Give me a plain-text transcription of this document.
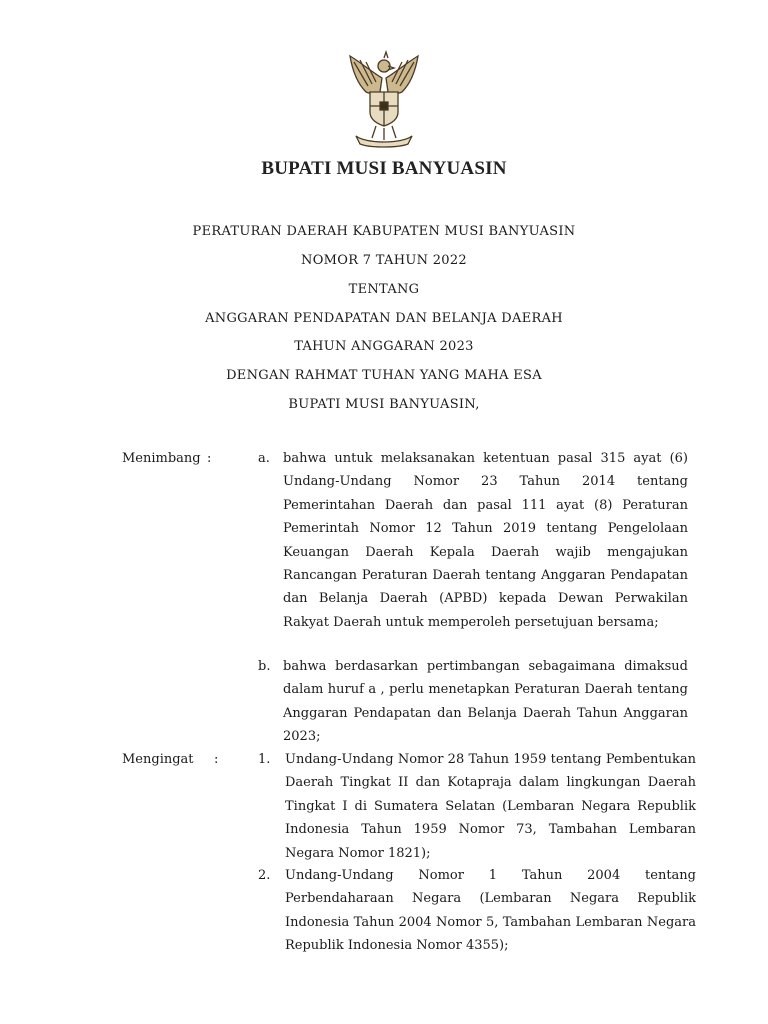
BUPATI MUSI BANYUASIN
PERATURAN DAERAH KABUPATEN MUSI BANYUASIN
NOMOR 7 TAHUN 2022
TENTANG
ANGGARAN PENDAPATAN DAN BELANJA DAERAH
TAHUN ANGGARAN 2023
DENGAN RAHMAT TUHAN YANG MAHA ESA
BUPATI MUSI BANYUASIN,
Menimbang :	a. bahwa untuk melaksanakan ketentuan pasal 315 ayat (6) Undang-Undang Nomor 23 Tahun 2014 tentang Pemerintahan Daerah dan pasal 111 ayat (8) Peraturan Pemerintah Nomor 12 Tahun 2019 tentang Pengelolaan Keuangan Daerah Kepala Daerah wajib mengajukan Rancangan Peraturan Daerah tentang Anggaran Pendapatan dan Belanja Daerah (APBD) kepada Dewan Perwakilan Rakyat Daerah untuk memperoleh persetujuan bersama;
b. bahwa berdasarkan pertimbangan sebagaimana dimaksud dalam huruf a , perlu menetapkan Peraturan Daerah tentang Anggaran Pendapatan dan Belanja Daerah Tahun Anggaran 2023;
Mengingat :	1. Undang-Undang Nomor 28 Tahun 1959 tentang Pembentukan Daerah Tingkat II dan Kotapraja dalam lingkungan Daerah Tingkat I di Sumatera Selatan (Lembaran Negara Republik Indonesia Tahun 1959 Nomor 73, Tambahan Lembaran Negara Nomor 1821);
2. Undang-Undang Nomor 1 Tahun 2004 tentang Perbendaharaan Negara (Lembaran Negara Republik Indonesia Tahun 2004 Nomor 5, Tambahan Lembaran Negara Republik Indonesia Nomor 4355);
